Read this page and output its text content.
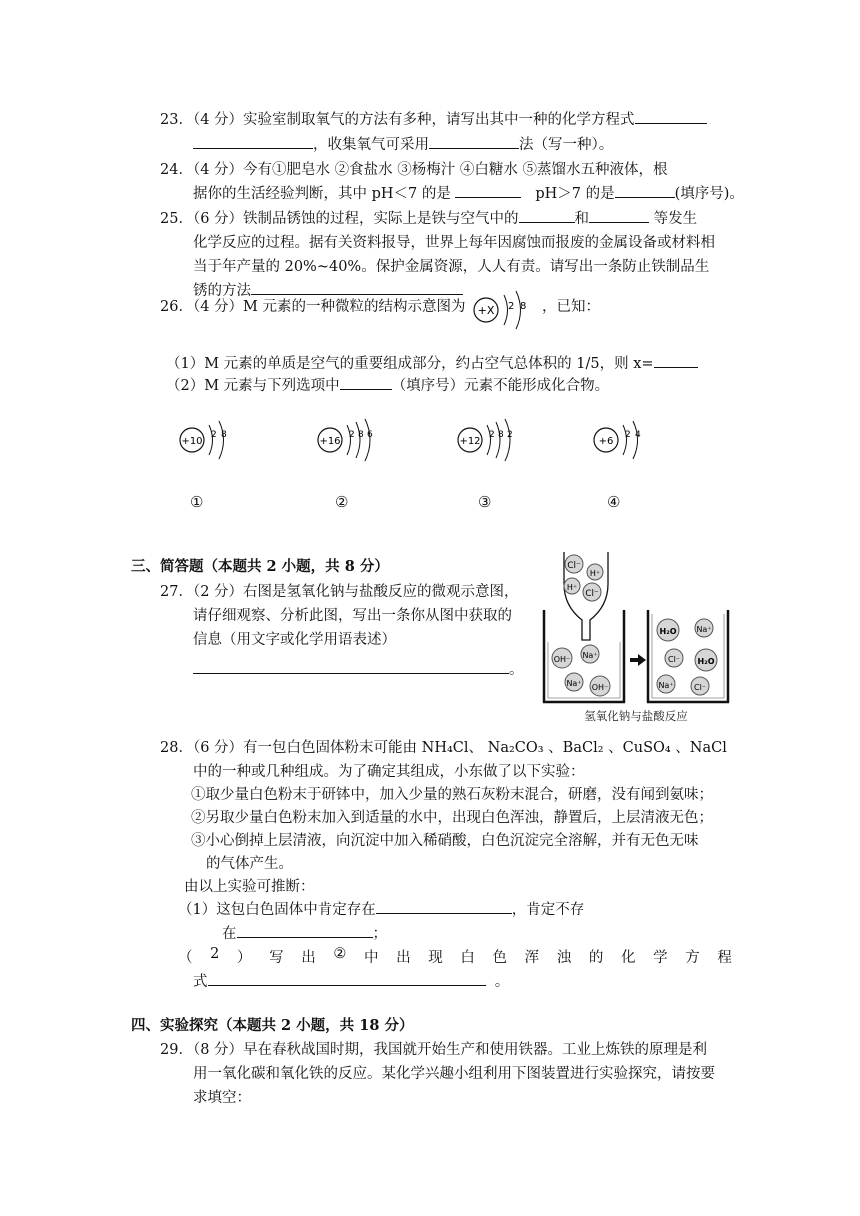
23．（4 分）实验室制取氧气的方法有多种，请写出其中一种的化学方程式
，收集氧气可采用	法（写一种）。
24．（4 分）今有①肥皂水 ②食盐水 ③杨梅汁 ④白糖水 ⑤蒸馏水五种液体，根
据你的生活经验判断，其中 pH＜7 的是	pH＞7 的是	(填序号)。
25．（6 分）铁制品锈蚀的过程，实际上是铁与空气中的	和	等发生
化学反应的过程。据有关资料报导，世界上每年因腐蚀而报废的金属设备或材料相
当于年产量的 20%~40%。保护金属资源，人人有责。请写出一条防止铁制品生
锈的方法
26．（4 分）M 元素的一种微粒的结构示意图为 +X 2 8 ，已知：
（1）M 元素的单质是空气的重要组成部分，约占空气总体积的 1/5，则 x=
（2）M 元素与下列选项中	（填序号）元素不能形成化合物。
+10
2 8
+16
2 8 6
+12
2 8 2
+6
2 4
①	②	③	④
三、简答题（本题共 2 小题，共 8 分）
27．（2 分）右图是氢氧化钠与盐酸反应的微观示意图，
请仔细观察、分析此图，写出一条你从图中获取的
信息（用文字或化学用语表述）
。
Cl⁻
H⁺
H⁺
Cl⁻
OH⁻ Na⁺
Na⁺ OH⁻
H₂O Na⁺
Cl⁻ H₂O
Na⁺	Cl⁻
氢氧化钠与盐酸反应
28．（6 分）有一包白色固体粉末可能由 NH₄Cl、 Na₂CO₃ 、BaCl₂ 、CuSO₄ 、NaCl
中的一种或几种组成。为了确定其组成，小东做了以下实验：
①取少量白色粉末于研钵中，加入少量的熟石灰粉末混合，研磨，没有闻到氨味；
②另取少量白色粉末加入到适量的水中，出现白色浑浊，静置后，上层清液无色；
③小心倒掉上层清液，向沉淀中加入稀硝酸，白色沉淀完全溶解，并有无色无味
的气体产生。
由以上实验可推断：
（1）这包白色固体中肯定存在	，肯定不存
在	；
（ 2 ） 写 出 ② 中 出 现 白 色 浑 浊 的 化 学 方 程
式	。
四、实验探究（本题共 2 小题，共 18 分）
29．（8 分）早在春秋战国时期，我国就开始生产和使用铁器。工业上炼铁的原理是利
用一氧化碳和氧化铁的反应。某化学兴趣小组利用下图装置进行实验探究，请按要
求填空：
